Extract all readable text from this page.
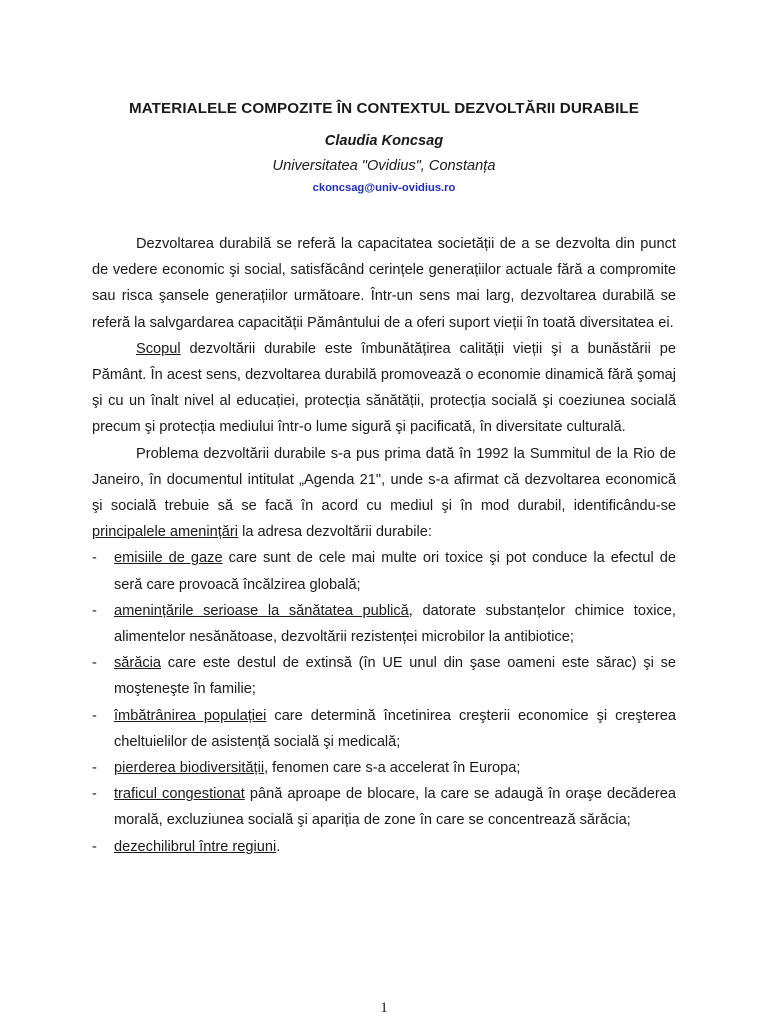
MATERIALELE COMPOZITE ÎN CONTEXTUL DEZVOLTĂRII DURABILE
Claudia Koncsag
Universitatea "Ovidius", Constanța
ckoncsag@univ-ovidius.ro

Dezvoltarea durabilă se referă la capacitatea societății de a se dezvolta din punct de vedere economic şi social, satisfăcând cerințele generațiilor actuale fără a compromite sau risca şansele generațiilor următoare. Într-un sens mai larg, dezvoltarea durabilă se referă la salvgardarea capacității Pământului de a oferi suport vieții în toată diversitatea ei.

Scopul dezvoltării durabile este îmbunătățirea calității vieții şi a bunăstării pe Pământ. În acest sens, dezvoltarea durabilă promovează o economie dinamică fără şomaj şi cu un înalt nivel al educației, protecția sănătății, protecția socială şi coeziunea socială precum şi protecția mediului într-o lume sigură şi pacificată, în diversitate culturală.

Problema dezvoltării durabile s-a pus prima dată în 1992 la Summitul de la Rio de Janeiro, în documentul intitulat „Agenda 21", unde s-a afirmat că dezvoltarea economică şi socială trebuie să se facă în acord cu mediul şi în mod durabil, identificându-se principalele amenințări la adresa dezvoltării durabile:

- emisiile de gaze care sunt de cele mai multe ori toxice şi pot conduce la efectul de seră care provoacă încălzirea globală;
- amenințările serioase la sănătatea publică, datorate substanțelor chimice toxice, alimentelor nesănătoase, dezvoltării rezistenței microbilor la antibiotice;
- sărăcia care este destul de extinsă (în UE unul din şase oameni este sărac) şi se moşteneşte în familie;
- îmbătrânirea populației care determină încetinirea creşterii economice şi creşterea cheltuielilor de asistență socială şi medicală;
- pierderea biodiversității, fenomen care s-a accelerat în Europa;
- traficul congestionat până aproape de blocare, la care se adaugă în oraşe decăderea morală, excluziunea socială şi apariția de zone în care se concentrează sărăcia;
- dezechilibrul între regiuni.
1
